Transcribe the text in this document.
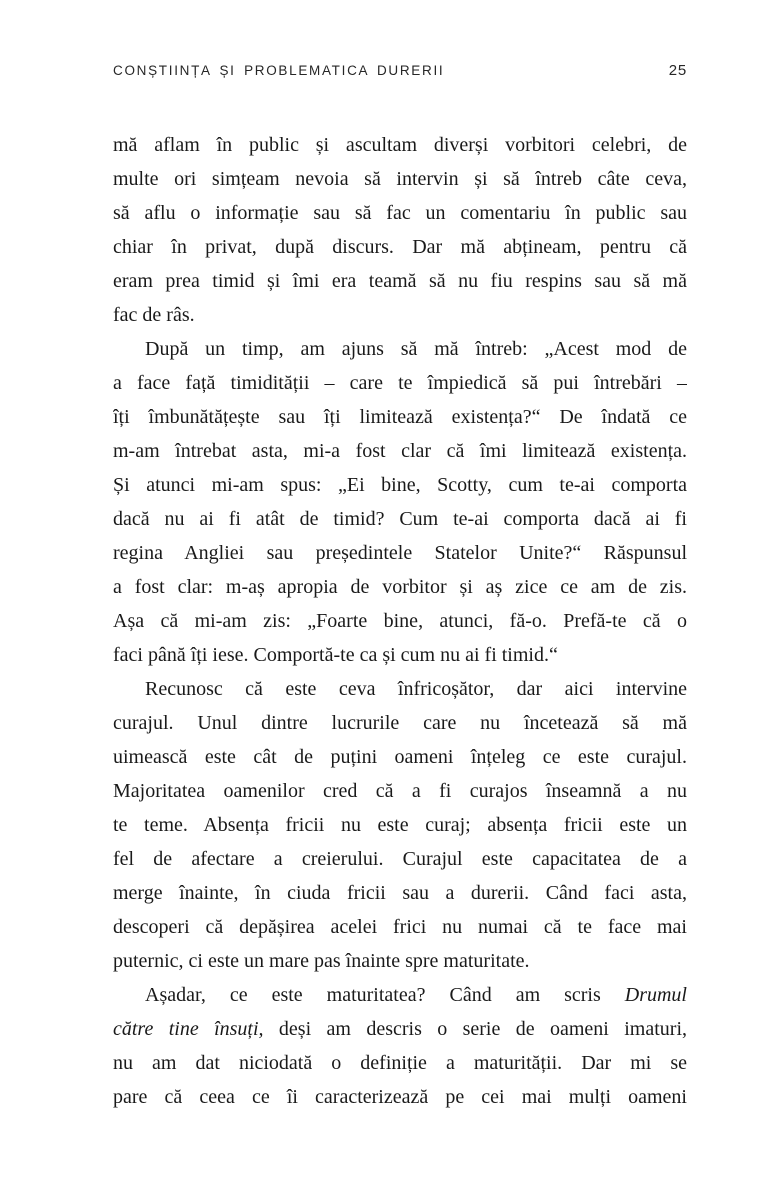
CONȘTIINȚA ȘI PROBLEMATICA DURERII	25
mă aflam în public și ascultam diverși vorbitori celebri, de
multe ori simțeam nevoia să intervin și să întreb câte ceva,
să aflu o informație sau să fac un comentariu în public sau
chiar în privat, după discurs. Dar mă abțineam, pentru că
eram prea timid și îmi era teamă să nu fiu respins sau să mă
fac de râs.
După un timp, am ajuns să mă întreb: „Acest mod de
a face față timidității – care te împiedică să pui întrebări –
îți îmbunătățește sau îți limitează existența?“ De îndată ce
m-am întrebat asta, mi-a fost clar că îmi limitează existența.
Și atunci mi-am spus: „Ei bine, Scotty, cum te-ai comporta
dacă nu ai fi atât de timid? Cum te-ai comporta dacă ai fi
regina Angliei sau președintele Statelor Unite?“ Răspunsul
a fost clar: m-aș apropia de vorbitor și aș zice ce am de zis.
Așa că mi-am zis: „Foarte bine, atunci, fă-o. Prefă-te că o
faci până îți iese. Comportă-te ca și cum nu ai fi timid.“
Recunosc că este ceva înfricoșător, dar aici intervine
curajul. Unul dintre lucrurile care nu încetează să mă
uimească este cât de puțini oameni înțeleg ce este curajul.
Majoritatea oamenilor cred că a fi curajos înseamnă a nu
te teme. Absența fricii nu este curaj; absența fricii este un
fel de afectare a creierului. Curajul este capacitatea de a
merge înainte, în ciuda fricii sau a durerii. Când faci asta,
descoperi că depășirea acelei frici nu numai că te face mai
puternic, ci este un mare pas înainte spre maturitate.
Așadar, ce este maturitatea? Când am scris Drumul
către tine însuți, deși am descris o serie de oameni imaturi,
nu am dat niciodată o definiție a maturității. Dar mi se
pare că ceea ce îi caracterizează pe cei mai mulți oameni
